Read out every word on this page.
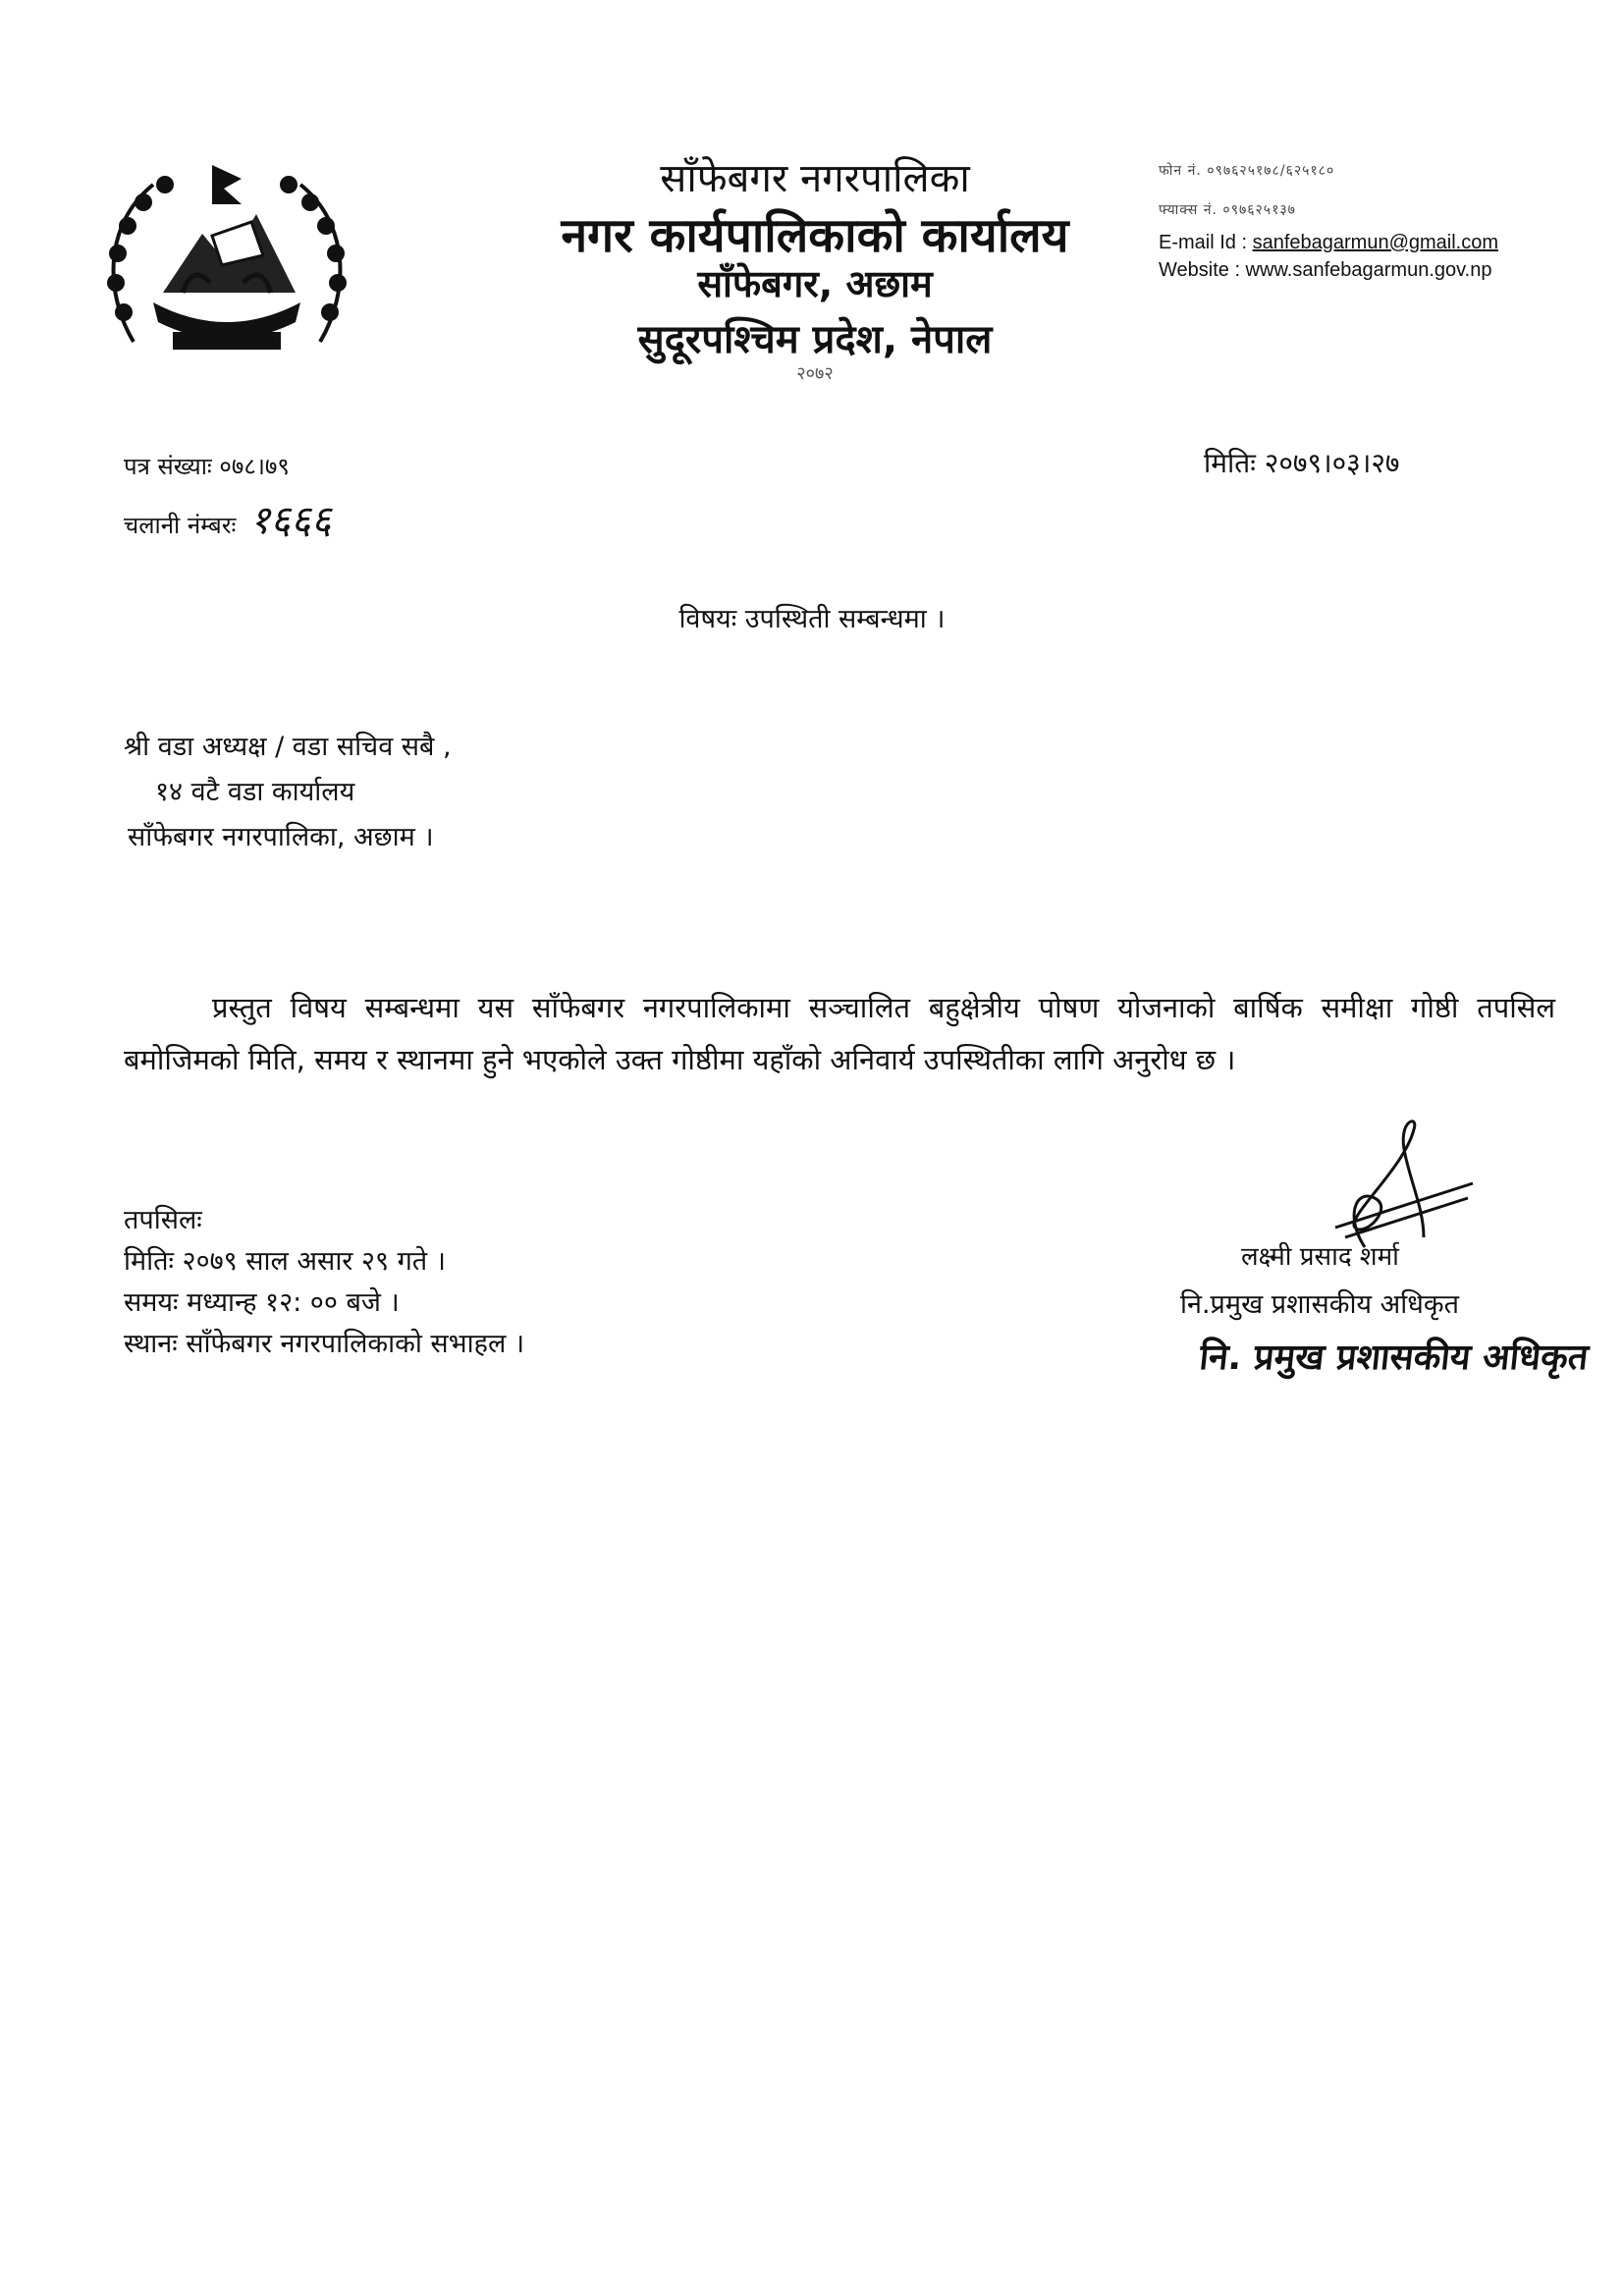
साँफेबगर नगरपालिका
नगर कार्यपालिकाको कार्यालय
साँफेबगर, अछाम
सुदूरपश्चिम प्रदेश, नेपाल
२०७२
फोन नं. ०९७६२५१७८/६२५१८०
फ्याक्स नं. ०९७६२५१३७
E-mail Id : sanfebagarmun@gmail.com
Website : www.sanfebagarmun.gov.np
पत्र संख्याः ०७८।७९
चलानी नंम्बरः १६६६
मितिः २०७९।०३।२७
विषयः उपस्थिती सम्बन्धमा ।
श्री वडा अध्यक्ष / वडा सचिव सबै ,
१४ वटै वडा कार्यालय
साँफेबगर नगरपालिका, अछाम ।
प्रस्तुत विषय सम्बन्धमा यस साँफेबगर नगरपालिकामा सञ्चालित बहुक्षेत्रीय पोषण योजनाको बार्षिक समीक्षा गोष्ठी तपसिल बमोजिमको मिति, समय र स्थानमा हुने भएकोले उक्त गोष्ठीमा यहाँको अनिवार्य उपस्थितीका लागि अनुरोध छ ।
तपसिलः
मितिः २०७९ साल असार २९ गते ।
समयः मध्यान्ह १२: ०० बजे ।
स्थानः साँफेबगर नगरपालिकाको सभाहल ।
लक्ष्मी प्रसाद शर्मा
नि.प्रमुख प्रशासकीय अधिकृत
नि. प्रमुख प्रशासकीय अधिकृत
